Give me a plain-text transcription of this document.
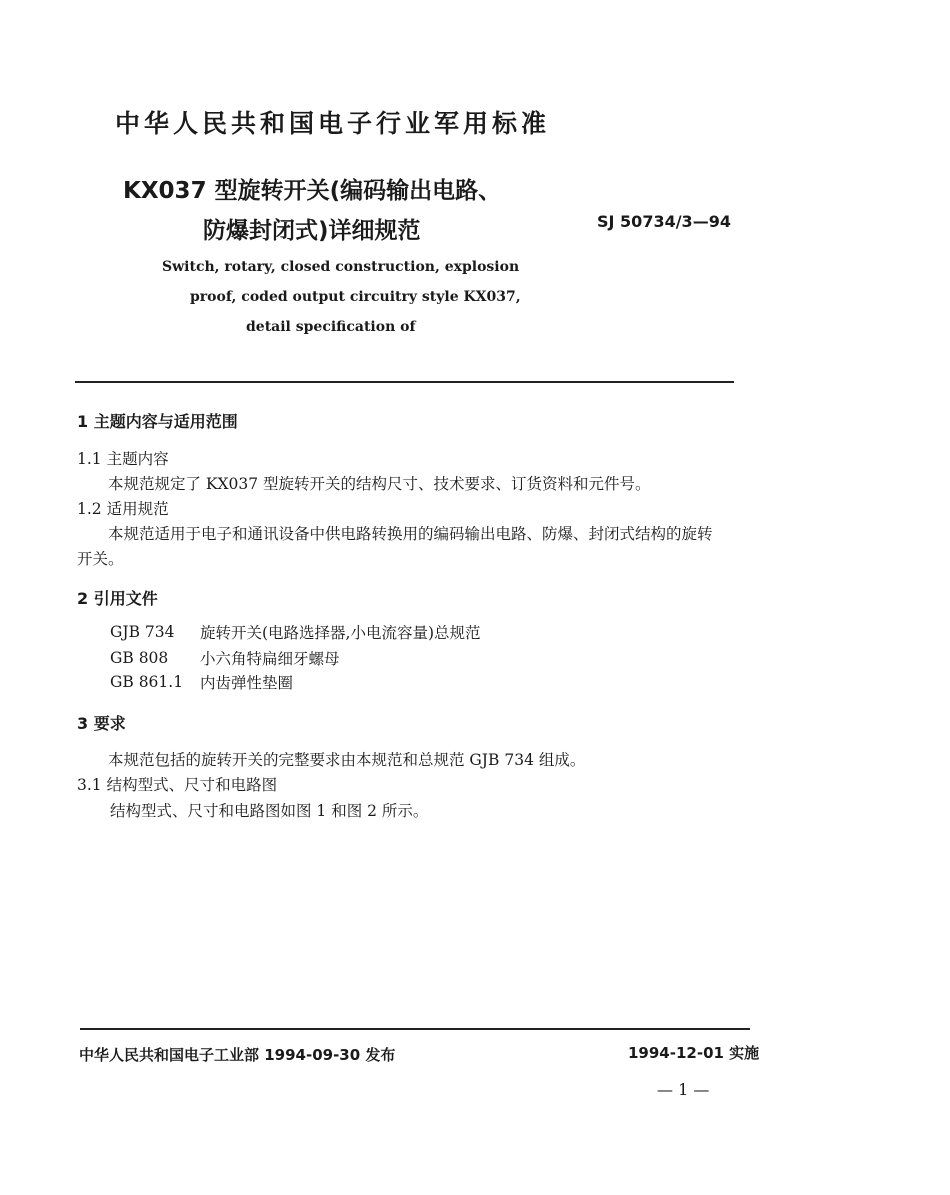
中华人民共和国电子行业军用标准
KX037 型旋转开关(编码输出电路、
防爆封闭式)详细规范	SJ 50734/3—94
Switch, rotary, closed construction, explosion
proof, coded output circuitry style KX037,
detail specification of
1 主题内容与适用范围
1.1 主题内容
本规范规定了 KX037 型旋转开关的结构尺寸、技术要求、订货资料和元件号。
1.2 适用规范
本规范适用于电子和通讯设备中供电路转换用的编码输出电路、防爆、封闭式结构的旋转
开关。
2 引用文件
GJB 734 旋转开关(电路选择器,小电流容量)总规范
GB 808 小六角特扁细牙螺母
GB 861.1 内齿弹性垫圈
3 要求
本规范包括的旋转开关的完整要求由本规范和总规范 GJB 734 组成。
3.1 结构型式、尺寸和电路图
结构型式、尺寸和电路图如图 1 和图 2 所示。
中华人民共和国电子工业部 1994-09-30 发布	1994-12-01 实施
— 1 —
